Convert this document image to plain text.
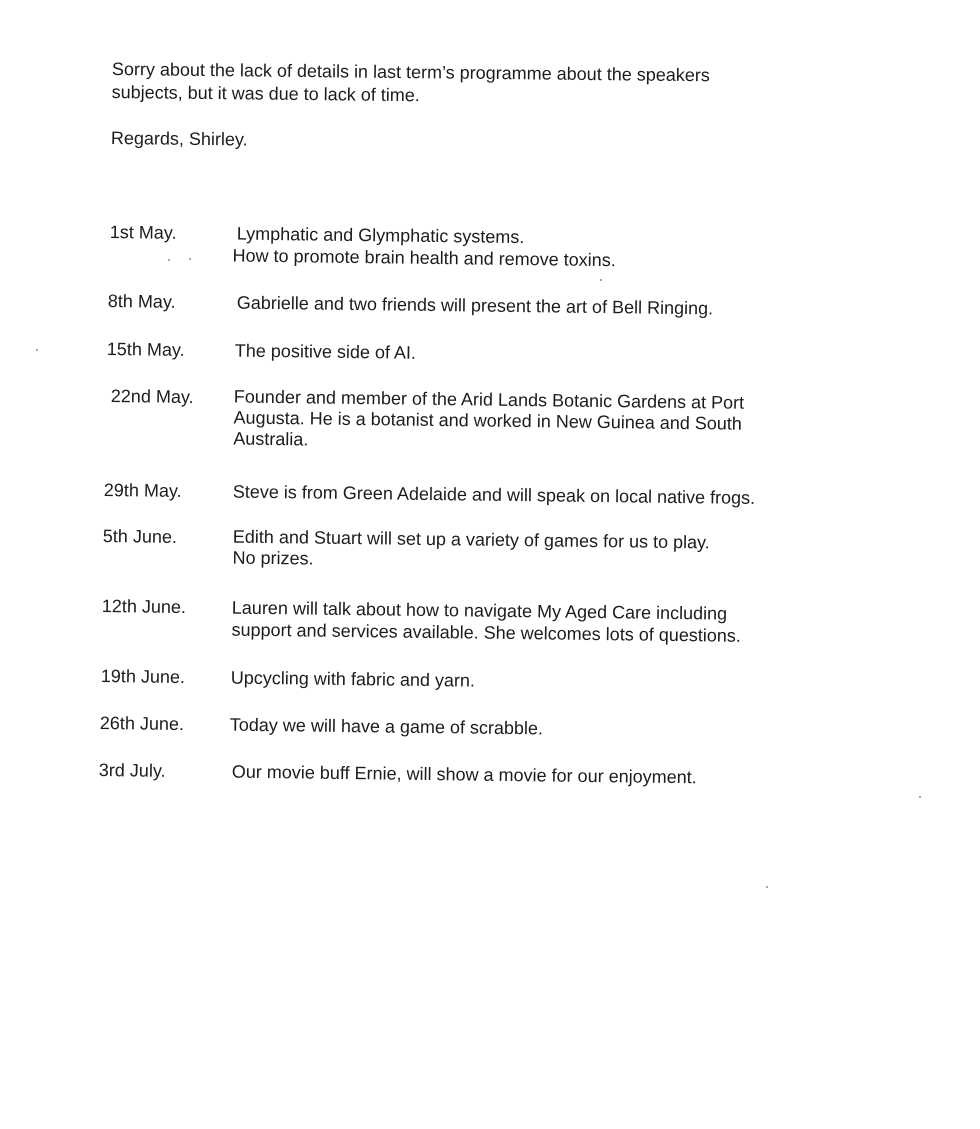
Sorry about the lack of details in last term’s programme about the speakers
subjects, but it was due to lack of time.
Regards, Shirley.
1st May.	Lymphatic and Glymphatic systems.
How to promote brain health and remove toxins.
8th May.	Gabrielle and two friends will present the art of Bell Ringing.
15th May.	The positive side of AI.
22nd May. Founder and member of the Arid Lands Botanic Gardens at Port
Augusta. He is a botanist and worked in New Guinea and South
Australia.
29th May.	Steve is from Green Adelaide and will speak on local native frogs.
5th June.	Edith and Stuart will set up a variety of games for us to play.
No prizes.
12th June.	Lauren will talk about how to navigate My Aged Care including
support and services available. She welcomes lots of questions.
19th June.	Upcycling with fabric and yarn.
26th June.	Today we will have a game of scrabble.
3rd July.	Our movie buff Ernie, will show a movie for our enjoyment.
